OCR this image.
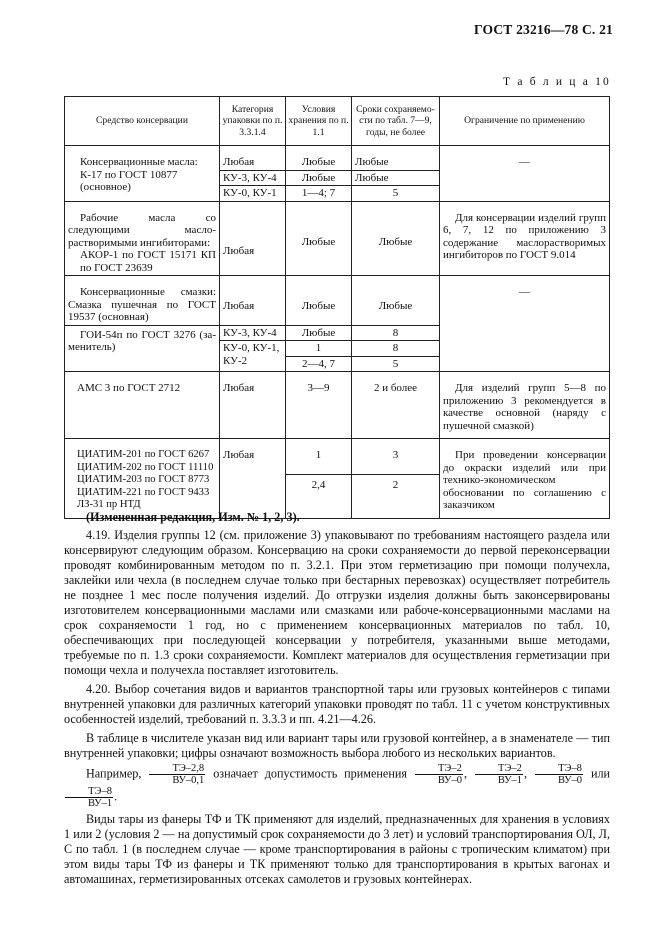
ГОСТ 23216—78 С. 21
Т а б л и ц а 10
Средство консервации	Категория упаковки по п. 3.3.1.4	Условия хранения по п. 1.1	Сроки сохраняемо-сти по табл. 7—9, годы, не более	Ограничение по применению

Консервационные масла: К-17 по ГОСТ 10877 (основное)	Любая	Любые	Любые	—
	КУ-3, КУ-4	Любые	Любые	
	КУ-0, КУ-1	1—4; 7	5	

Рабочие масла со следующими маслорастворимыми ингибиторами:
АКОР-1 по ГОСТ 15171 КП по ГОСТ 23639	Любая	Любые	Любые	Для консервации изделий групп 6, 7, 12 по приложению 3 содержание маслорастворимых ингибиторов по ГОСТ 9.014
Консервационные смазки: Смазка пушечная по ГОСТ 19537 (основная)	Любая	Любые	Любые	—
ГОИ-54п по ГОСТ 3276 (заменитель)	КУ-3, КУ-4	Любые	8	
	КУ-0, КУ-1, КУ-2	1	8	
		2—4, 7	5	
АМС 3 по ГОСТ 2712	Любая	3—9	2 и более	Для изделий групп 5—8 по приложению 3 рекомендуется в качестве основной (наряду с пушечной смазкой)

ЦИАТИМ-201 по ГОСТ 6267
ЦИАТИМ-202 по ГОСТ 11110
ЦИАТИМ-203 по ГОСТ 8773
ЦИАТИМ-221 по ГОСТ 9433
ЛЗ-31 пр НТД	Любая	1	3	При проведении консервации до окраски изделий или при технико-экономическом обосновании по соглашению с заказчиком
		2,4	2	

(Измененная редакция, Изм. № 1, 2, 3).

4.19. Изделия группы 12 (см. приложение 3) упаковывают по требованиям настоящего раздела или консервируют следующим образом. Консервацию на сроки сохраняемости до первой переконсервации проводят комбинированным методом по п. 3.2.1. При этом герметизацию при помощи получехла, заклейки или чехла (в последнем случае только при бестарных перевозках) осуществляет потребитель не позднее 1 мес после получения изделий. До отгрузки изделия должны быть законсервированы изготовителем консервационными маслами или смазками или рабоче-консервационными маслами на срок сохраняемости 1 год, но с применением консервационных материалов по табл. 10, обеспечивающих при последующей консервации у потребителя, указанными выше методами, требуемые по п. 1.3 сроки сохраняемости. Комплект материалов для осуществления герметизации при помощи чехла и получехла поставляет изготовитель.

4.20. Выбор сочетания видов и вариантов транспортной тары или грузовых контейнеров с типами внутренней упаковки для различных категорий упаковки проводят по табл. 11 с учетом конструктивных особенностей изделий, требований п. 3.3.3 и пп. 4.21—4.26.

В таблице в числителе указан вид или вариант тары или грузовой контейнер, а в знаменателе — тип внутренней упаковки; цифры означают возможность выбора любого из нескольких вариантов.

Например, $\frac{ТЭ-2,8}{ВУ-0,1}$ означает допустимость применения $\frac{ТЭ-2}{ВУ-0}$ , $\frac{ТЭ-2}{ВУ-1}$ , $\frac{ТЭ-8}{ВУ-0}$ или
$\frac{ТЭ-8}{ВУ-1}$ .

Виды тары из фанеры ТФ и ТК применяют для изделий, предназначенных для хранения в условиях 1 или 2 (условия 2 — на допустимый срок сохраняемости до 3 лет) и условий транспортирования ОЛ, Л, С по табл. 1 (в последнем случае — кроме транспортирования в районы с тропическим климатом) при этом виды тары ТФ из фанеры и ТК применяют только для транспортирования в крытых вагонах и автомашинах, герметизированных отсеках самолетов и грузовых контейнерах.
